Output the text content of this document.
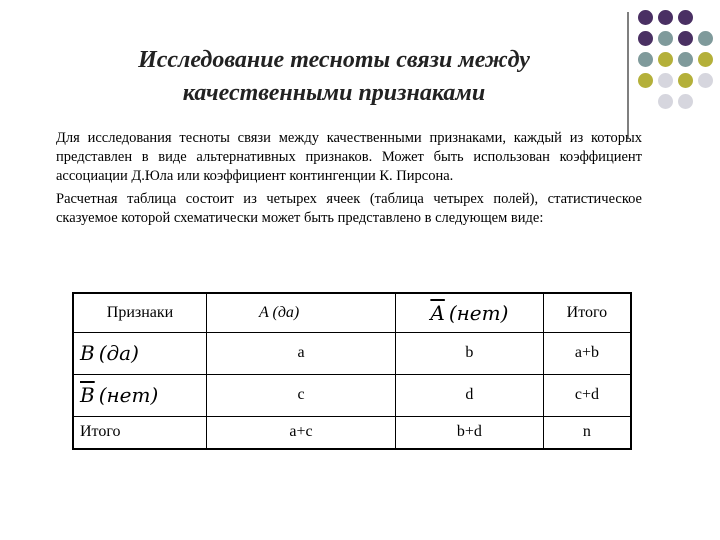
Исследование тесноты связи между
качественными признаками

Для исследования тесноты связи между качественными признаками, каждый из которых представлен в виде альтернативных признаков. Может быть использован коэффициент ассоциации Д.Юла или коэффициент контингенции К. Пирсона.

Расчетная таблица состоит из четырех ячеек (таблица четырех полей), статистическое сказуемое которой схематически может быть представлено в следующем виде:

Признаки	A (да)	$\overline{A}$ (нет)	Итого
B (да)	a	b	a+b
$\overline{B}$ (нет)	c	d	c+d
Итого	a+c	b+d	n
